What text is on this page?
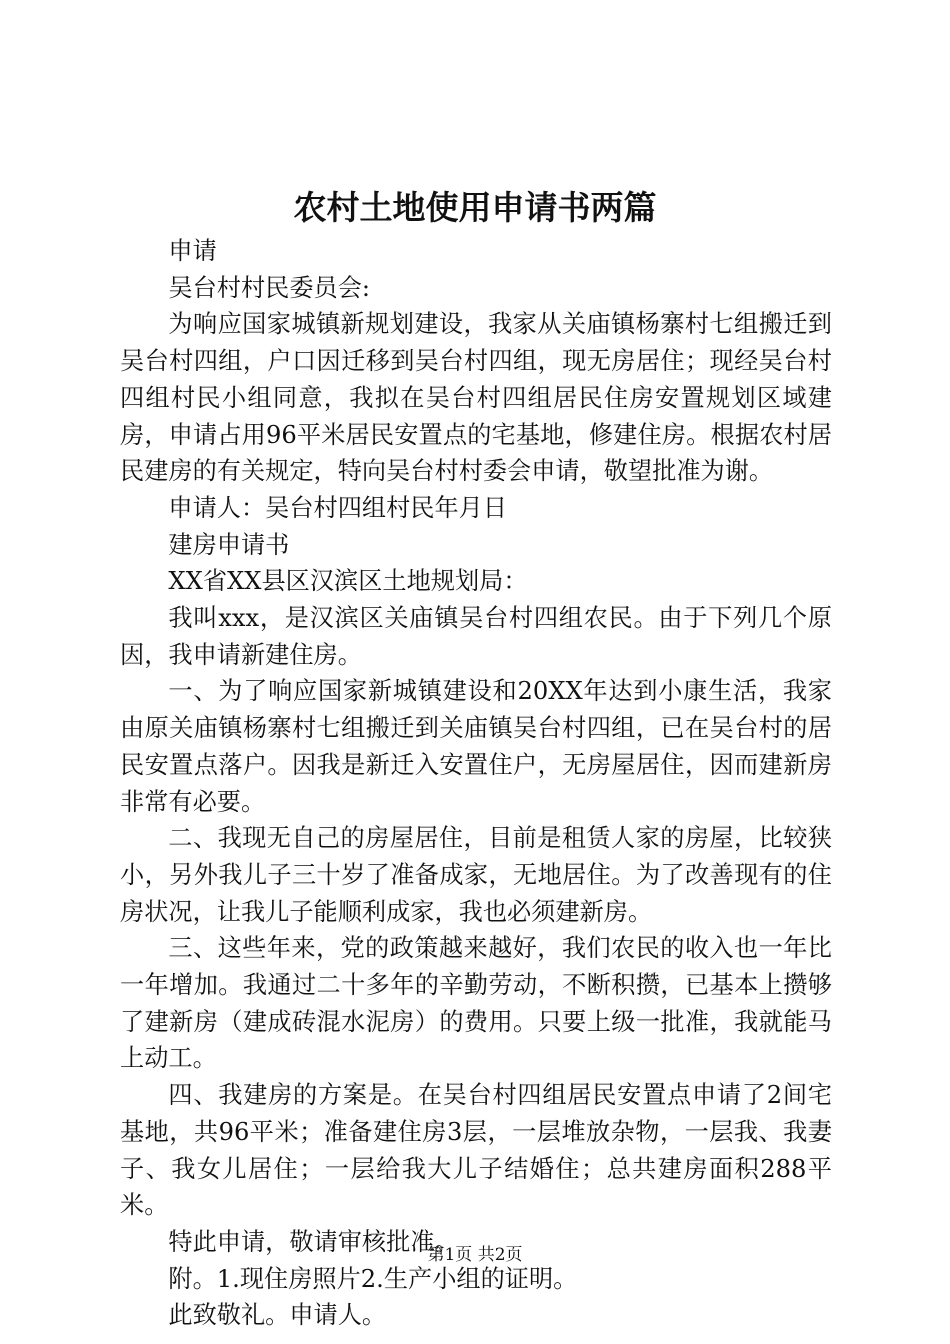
农村土地使用申请书两篇

申请

吴台村村民委员会:

为响应国家城镇新规划建设，我家从关庙镇杨寨村七组搬迁到吴台村四组，户口因迁移到吴台村四组，现无房居住；现经吴台村四组村民小组同意，我拟在吴台村四组居民住房安置规划区域建房，申请占用96平米居民安置点的宅基地，修建住房。根据农村居民建房的有关规定，特向吴台村村委会申请，敬望批准为谢。

申请人：吴台村四组村民年月日

建房申请书

XX省XX县区汉滨区土地规划局：

我叫xxx，是汉滨区关庙镇吴台村四组农民。由于下列几个原因，我申请新建住房。

一、为了响应国家新城镇建设和20XX年达到小康生活，我家由原关庙镇杨寨村七组搬迁到关庙镇吴台村四组，已在吴台村的居民安置点落户。因我是新迁入安置住户，无房屋居住，因而建新房非常有必要。

二、我现无自己的房屋居住，目前是租赁人家的房屋，比较狭小，另外我儿子三十岁了准备成家，无地居住。为了改善现有的住房状况，让我儿子能顺利成家，我也必须建新房。

三、这些年来，党的政策越来越好，我们农民的收入也一年比一年增加。我通过二十多年的辛勤劳动，不断积攒，已基本上攒够了建新房（建成砖混水泥房）的费用。只要上级一批准，我就能马上动工。

四、我建房的方案是。在吴台村四组居民安置点申请了2间宅基地，共96平米；准备建住房3层，一层堆放杂物，一层我、我妻子、我女儿居住；一层给我大儿子结婚住；总共建房面积288平米。

特此申请，敬请审核批准。

附。1.现住房照片2.生产小组的证明。

此致敬礼。申请人。

第1页 共2页
